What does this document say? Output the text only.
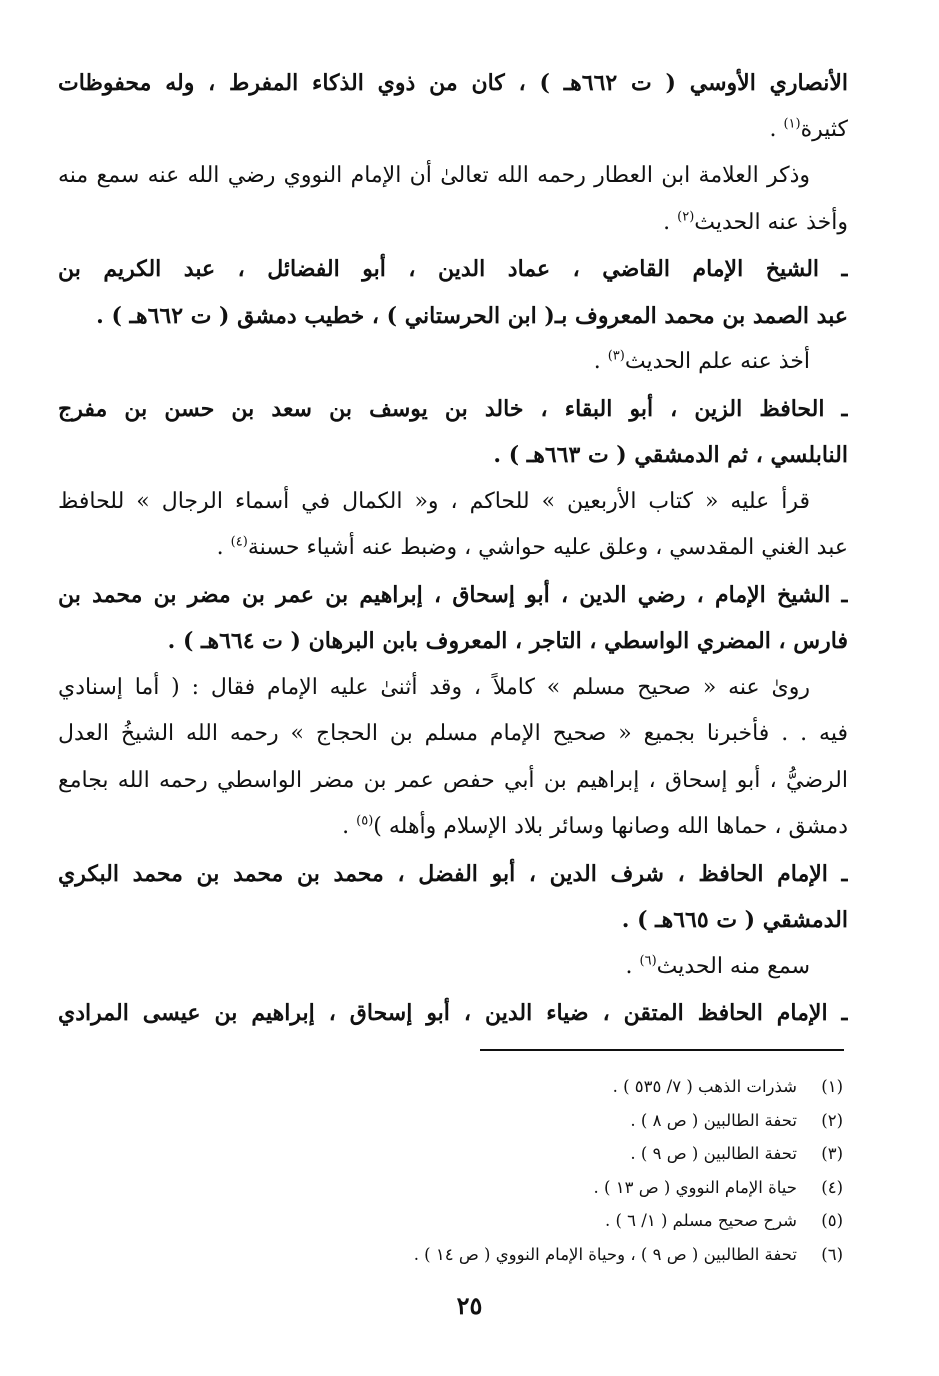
الأنصاري الأوسي ( ت ٦٦٢هـ ) ، كان من ذوي الذكاء المفرط ، وله محفوظات
كثيرة$^{(١)}$ .
وذكر العلامة ابن العطار رحمه الله تعالىٰ أن الإمام النووي رضي الله عنه سمع منه
وأخذ عنه الحديث$^{(٢)}$ .
ـ الشيخ الإمام القاضي ، عماد الدين ، أبو الفضائل ، عبد الكريم بن
عبد الصمد بن محمد المعروف بـ( ابن الحرستاني ) ، خطيب دمشق ( ت ٦٦٢هـ ) .
أخذ عنه علم الحديث$^{(٣)}$ .
ـ الحافظ الزين ، أبو البقاء ، خالد بن يوسف بن سعد بن حسن بن مفرج
النابلسي ، ثم الدمشقي ( ت ٦٦٣هـ ) .
قرأ عليه « كتاب الأربعين » للحاكم ، و« الكمال في أسماء الرجال » للحافظ
عبد الغني المقدسي ، وعلق عليه حواشي ، وضبط عنه أشياء حسنة$^{(٤)}$ .
ـ الشيخ الإمام ، رضي الدين ، أبو إسحاق ، إبراهيم بن عمر بن مضر بن محمد بن
فارس ، المضري الواسطي ، التاجر ، المعروف بابن البرهان ( ت ٦٦٤هـ ) .
روىٰ عنه « صحيح مسلم » كاملاً ، وقد أثنىٰ عليه الإمام فقال : ( أما إسنادي
فيه . . فأخبرنا بجميع « صحيح الإمام مسلم بن الحجاج » رحمه الله الشيخُ العدل
الرضيُّ ، أبو إسحاق ، إبراهيم بن أبي حفص عمر بن مضر الواسطي رحمه الله بجامع
دمشق ، حماها الله وصانها وسائر بلاد الإسلام وأهله )$^{(٥)}$ .
ـ الإمام الحافظ ، شرف الدين ، أبو الفضل ، محمد بن محمد بن محمد البكري
الدمشقي ( ت ٦٦٥هـ ) .
سمع منه الحديث$^{(٦)}$ .
ـ الإمام الحافظ المتقن ، ضياء الدين ، أبو إسحاق ، إبراهيم بن عيسى المرادي
(١)شذرات الذهب ( ٧/ ٥٣٥ ) .
(٢)تحفة الطالبين ( ص ٨ ) .
(٣)تحفة الطالبين ( ص ٩ ) .
(٤)حياة الإمام النووي ( ص ١٣ ) .
(٥)شرح صحيح مسلم ( ١/ ٦ ) .
(٦)تحفة الطالبين ( ص ٩ ) ، وحياة الإمام النووي ( ص ١٤ ) .
٢٥
